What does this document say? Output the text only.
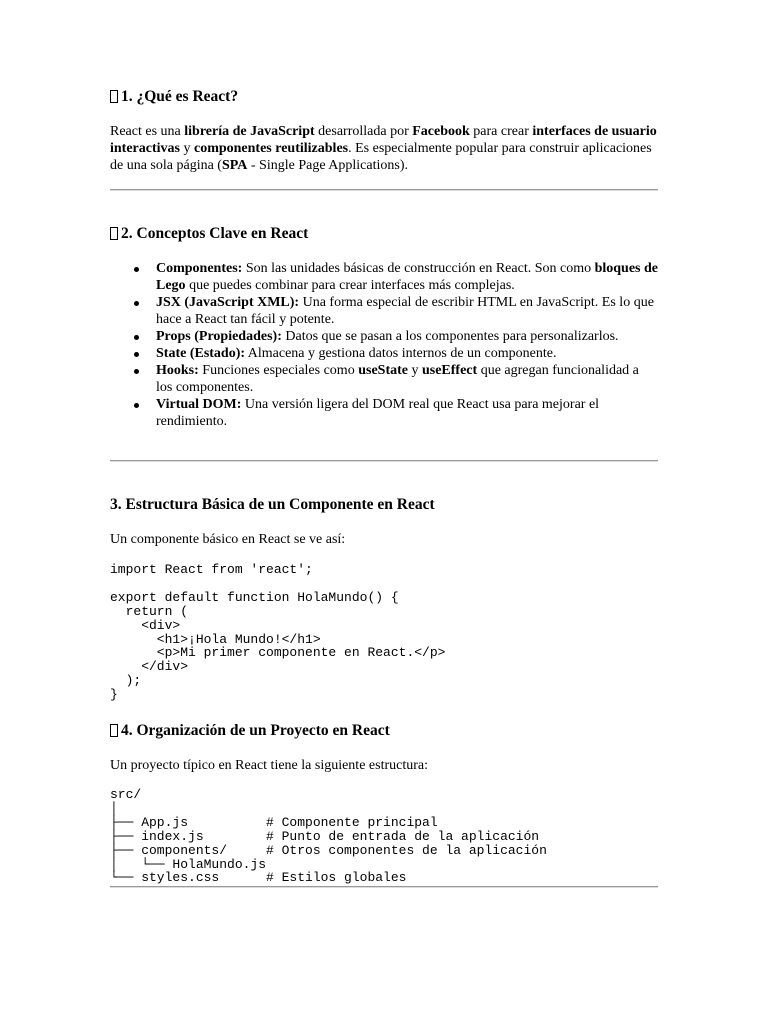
1. ¿Qué es React?

React es una librería de JavaScript desarrollada por Facebook para crear interfaces de usuario interactivas y componentes reutilizables. Es especialmente popular para construir aplicaciones de una sola página (SPA - Single Page Applications).

2. Conceptos Clave en React
Componentes: Son las unidades básicas de construcción en React. Son como bloques de Lego que puedes combinar para crear interfaces más complejas.
JSX (JavaScript XML): Una forma especial de escribir HTML en JavaScript. Es lo que hace a React tan fácil y potente.
Props (Propiedades): Datos que se pasan a los componentes para personalizarlos.
State (Estado): Almacena y gestiona datos internos de un componente.
Hooks: Funciones especiales como useState y useEffect que agregan funcionalidad a los componentes.
Virtual DOM: Una versión ligera del DOM real que React usa para mejorar el rendimiento.
3. Estructura Básica de un Componente en React

Un componente básico en React se ve así:

import React from 'react';

export default function HolaMundo() {
return (
<div>
<h1>¡Hola Mundo!</h1>
<p>Mi primer componente en React.</p>
</div>
);
}
4. Organización de un Proyecto en React

Un proyecto típico en React tiene la siguiente estructura:

src/
│
├── App.js          # Componente principal
├── index.js        # Punto de entrada de la aplicación
├── components/     # Otros componentes de la aplicación
│   └── HolaMundo.js
└── styles.css      # Estilos globales
